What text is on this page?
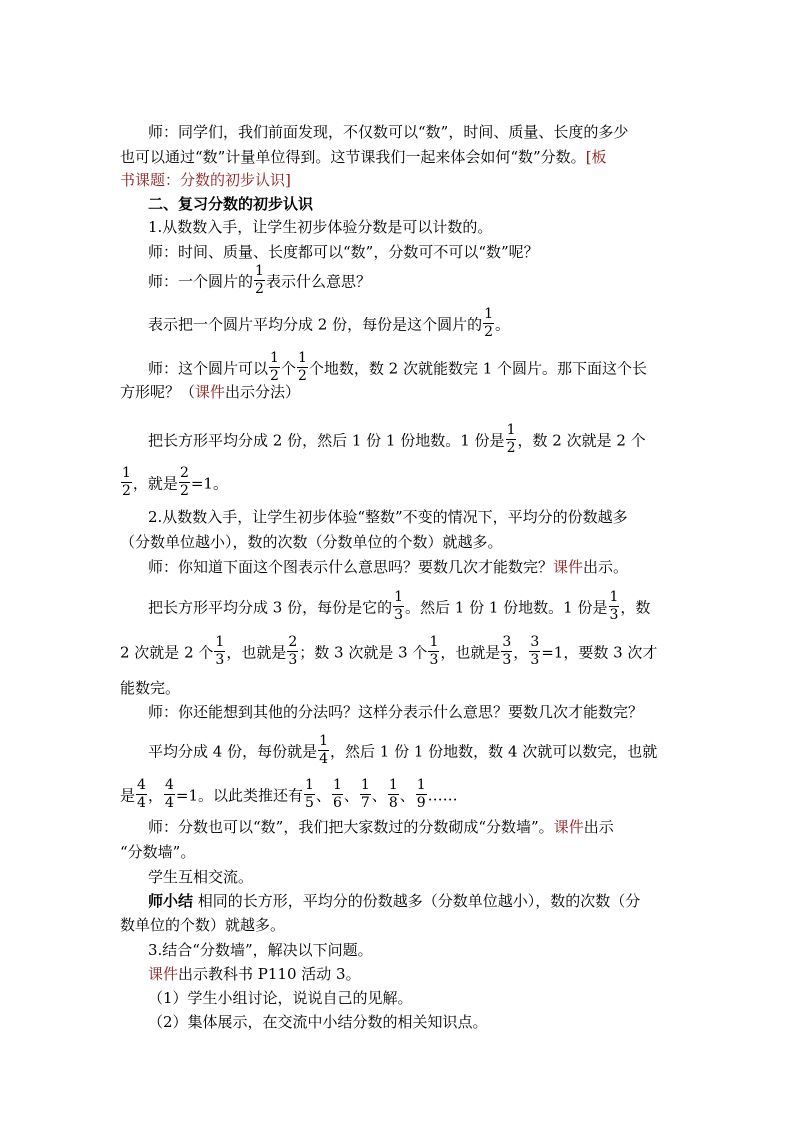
师：同学们，我们前面发现，不仅数可以“数”，时间、质量、长度的多少
也可以通过“数”计量单位得到。这节课我们一起来体会如何“数”分数。[板
书课题：分数的初步认识]
二、复习分数的初步认识
1.从数数入手，让学生初步体验分数是可以计数的。
师：时间、质量、长度都可以“数”，分数可不可以“数”呢？
师：一个圆片的 $\frac{1}{2}$ 表示什么意思？
表示把一个圆片平均分成 2 份，每份是这个圆片的 $\frac{1}{2}$ 。
师：这个圆片可以 $\frac{1}{2}$ 个 $\frac{1}{2}$ 个地数，数 2 次就能数完 1 个圆片。那下面这个长
方形呢？（课件出示分法）
把长方形平均分成 2 份，然后 1 份 1 份地数。1 份是 $\frac{1}{2}$ ，数 2 次就是 2 个
$\frac{1}{2}$ ，就是 $\frac{2}{2} =1$。
2.从数数入手，让学生初步体验“整数”不变的情况下，平均分的份数越多
（分数单位越小），数的次数（分数单位的个数）就越多。
师：你知道下面这个图表示什么意思吗？要数几次才能数完？课件出示。
把长方形平均分成 3 份，每份是它的 $\frac{1}{3}$ 。然后 1 份 1 份地数。1 份是 $\frac{1}{3}$ ，数
2 次就是 2 个 $\frac{1}{3}$ ，也就是 $\frac{2}{3}$ ；数 3 次就是 3 个 $\frac{1}{3}$ ，也就是 $\frac{3}{3}$ ， $\frac{3}{3} =1$，要数 3 次才
能数完。
师：你还能想到其他的分法吗？这样分表示什么意思？要数几次才能数完？
平均分成 4 份，每份就是 $\frac{1}{4}$ ，然后 1 份 1 份地数，数 4 次就可以数完，也就
是 $\frac{4}{4}$ ， $\frac{4}{4} =1$。以此类推还有 $\frac{1}{5}$ 、 $\frac{1}{6}$ 、 $\frac{1}{7}$ 、 $\frac{1}{8}$ 、 $\frac{1}{9}$ ……
师：分数也可以“数”，我们把大家数过的分数砌成“分数墙”。课件出示
“分数墙”。
学生互相交流。
师小结 相同的长方形，平均分的份数越多（分数单位越小），数的次数（分
数单位的个数）就越多。
3.结合“分数墙”，解决以下问题。
课件出示教科书 P110 活动 3。
（1）学生小组讨论，说说自己的见解。
（2）集体展示，在交流中小结分数的相关知识点。
